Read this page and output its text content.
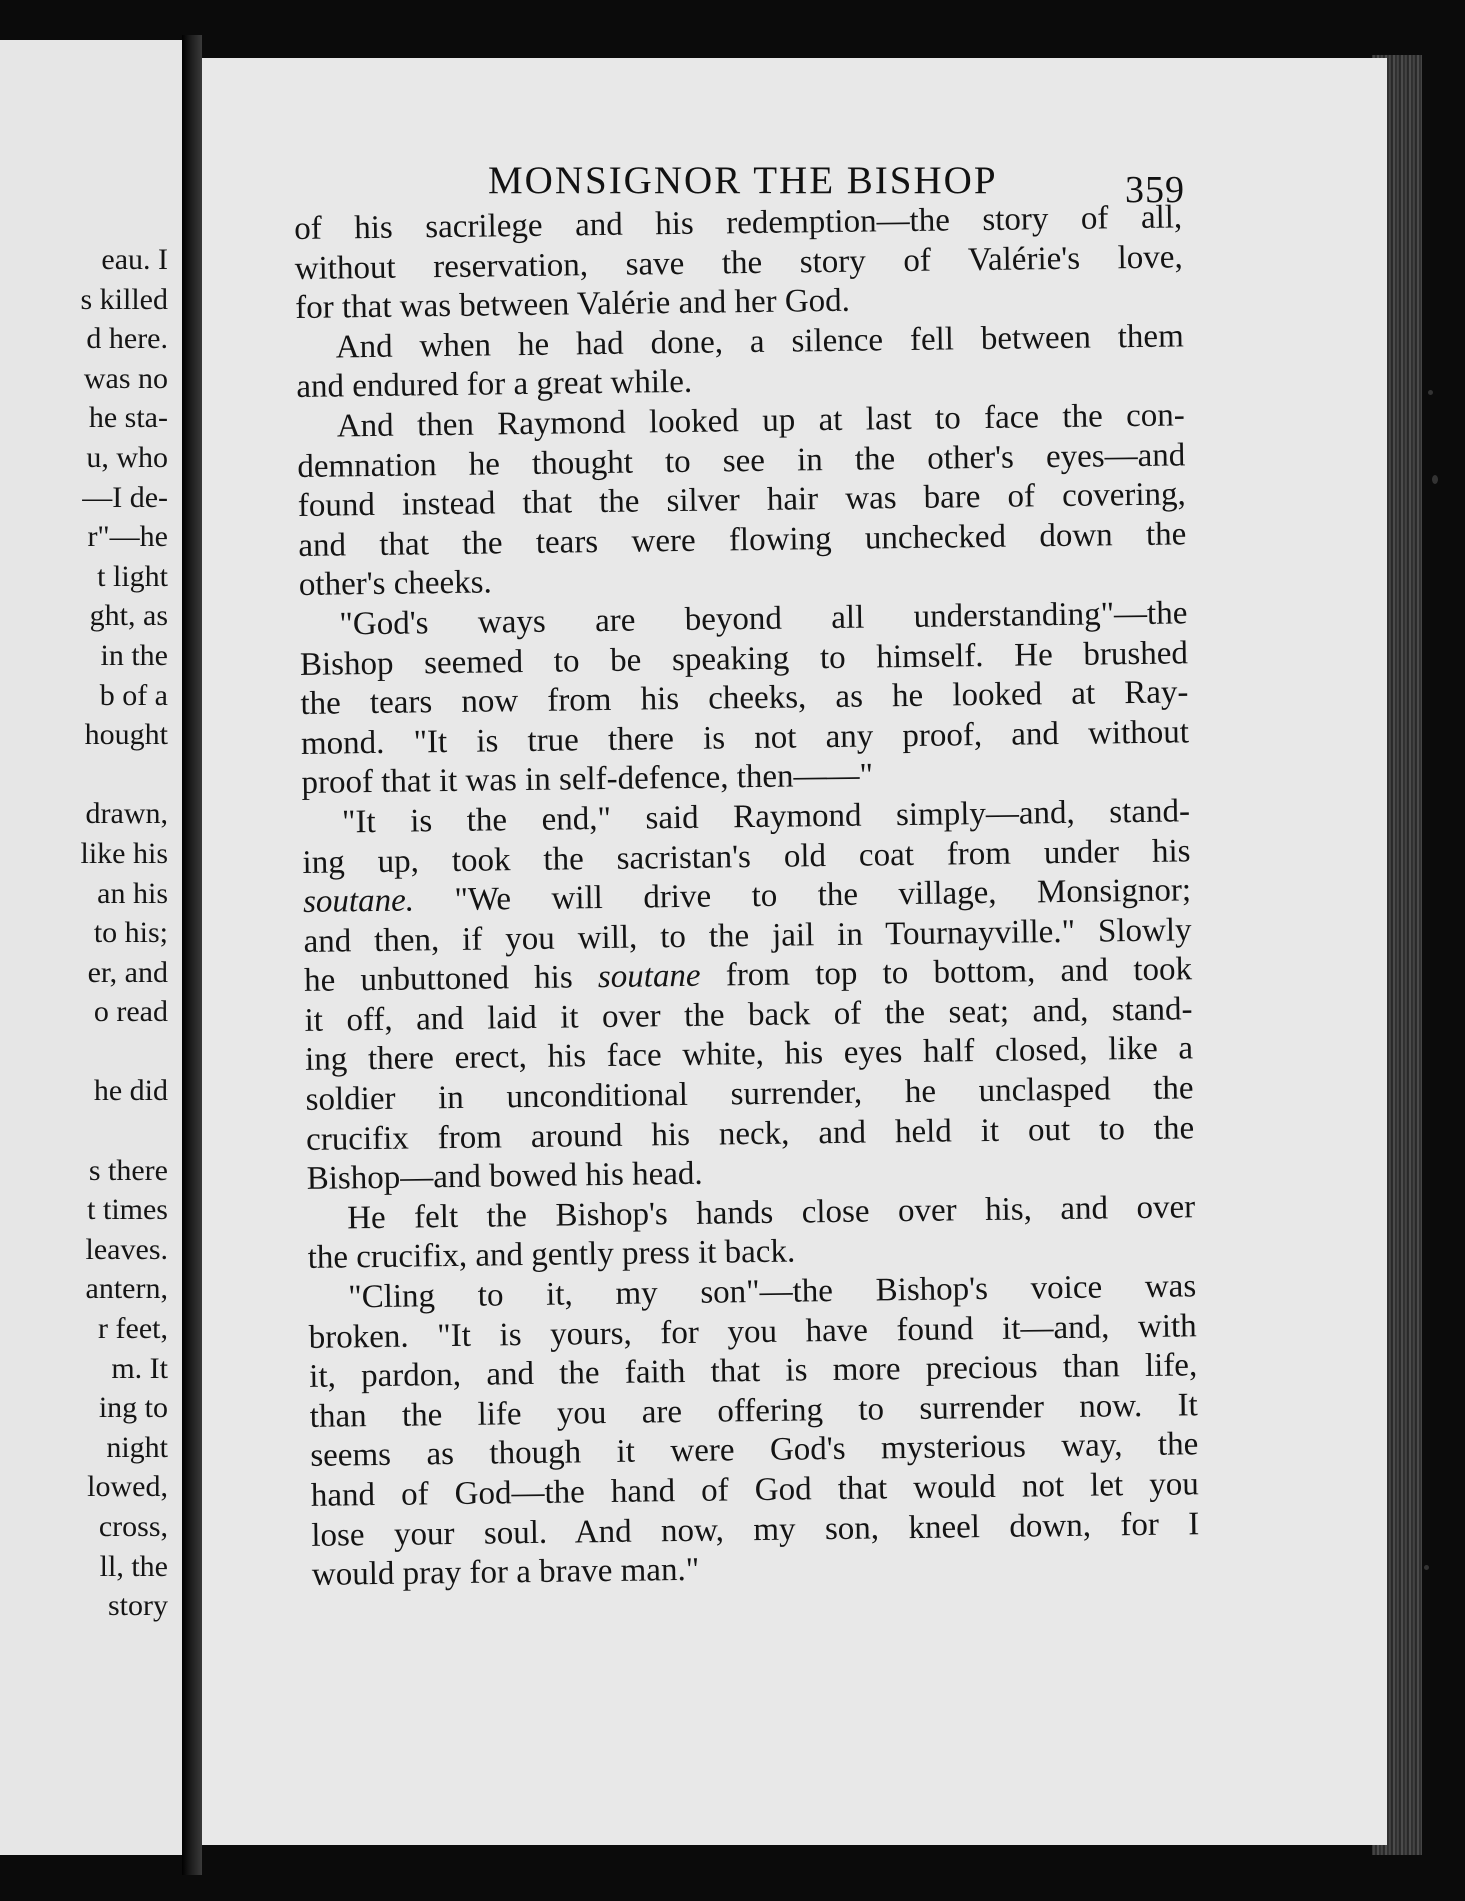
eau. I
s killed
d here.
was no
he sta-
u, who
—I de-
r"—he
t light
ght, as
in the
b of a
hought
drawn,
like his
an his
to his;
er, and
o read
he did
s there
t times
leaves.
antern,
r feet,
m. It
ing to
night
lowed,
cross,
ll, the
story
MONSIGNOR THE BISHOP	359
of his sacrilege and his redemption—the story of all,
without reservation, save the story of Valérie's love,
for that was between Valérie and her God.
And when he had done, a silence fell between them
and endured for a great while.
And then Raymond looked up at last to face the con-
demnation he thought to see in the other's eyes—and
found instead that the silver hair was bare of covering,
and that the tears were flowing unchecked down the
other's cheeks.
"God's ways are beyond all understanding"—the
Bishop seemed to be speaking to himself. He brushed
the tears now from his cheeks, as he looked at Ray-
mond. "It is true there is not any proof, and without
proof that it was in self-defence, then——"
"It is the end," said Raymond simply—and, stand-
ing up, took the sacristan's old coat from under his
soutane. "We will drive to the village, Monsignor;
and then, if you will, to the jail in Tournayville." Slowly
he unbuttoned his soutane from top to bottom, and took
it off, and laid it over the back of the seat; and, stand-
ing there erect, his face white, his eyes half closed, like a
soldier in unconditional surrender, he unclasped the
crucifix from around his neck, and held it out to the
Bishop—and bowed his head.
He felt the Bishop's hands close over his, and over
the crucifix, and gently press it back.
"Cling to it, my son"—the Bishop's voice was
broken. "It is yours, for you have found it—and, with
it, pardon, and the faith that is more precious than life,
than the life you are offering to surrender now. It
seems as though it were God's mysterious way, the
hand of God—the hand of God that would not let you
lose your soul. And now, my son, kneel down, for I
would pray for a brave man."
